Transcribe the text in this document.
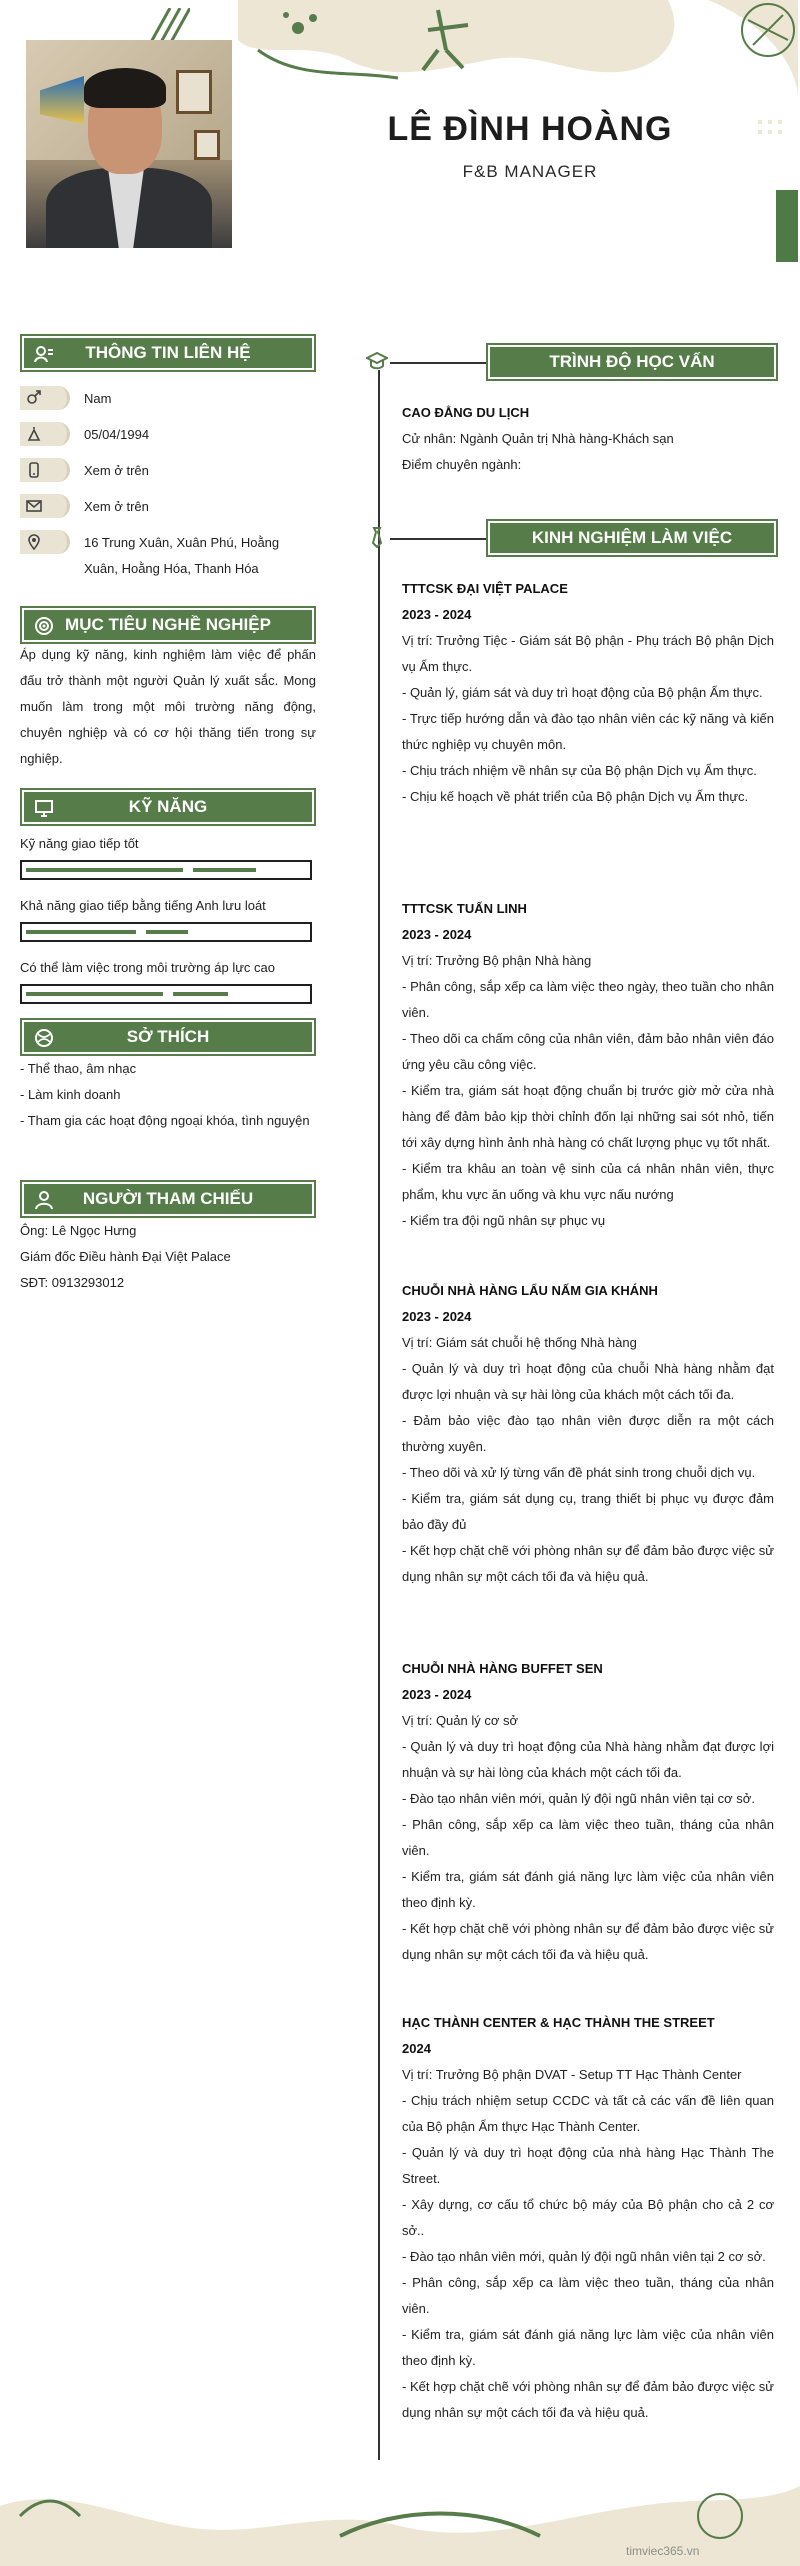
LÊ ĐÌNH HOÀNG
F&B MANAGER
THÔNG TIN LIÊN HỆ
Nam
05/04/1994
Xem ở trên
Xem ở trên
16 Trung Xuân, Xuân Phú, Hoằng Xuân, Hoằng Hóa, Thanh Hóa
MỤC TIÊU NGHỀ NGHIỆP
Áp dụng kỹ năng, kinh nghiệm làm việc để phấn đấu trở thành một người Quản lý xuất sắc. Mong muốn làm trong một môi trường năng động, chuyên nghiệp và có cơ hội thăng tiến trong sự nghiệp.
KỸ NĂNG
Kỹ năng giao tiếp tốt
Khả năng giao tiếp bằng tiếng Anh lưu loát
Có thể làm việc trong môi trường áp lực cao
SỞ THÍCH
- Thể thao, âm nhạc
- Làm kinh doanh
- Tham gia các hoạt động ngoại khóa, tình nguyện
NGƯỜI THAM CHIẾU
Ông: Lê Ngọc Hưng
Giám đốc Điều hành Đại Việt Palace
SĐT: 0913293012
TRÌNH ĐỘ HỌC VẤN
CAO ĐẲNG DU LỊCH
Cử nhân: Ngành Quản trị Nhà hàng-Khách sạn
Điểm chuyên ngành:
KINH NGHIỆM LÀM VIỆC
TTTCSK ĐẠI VIỆT PALACE
2023 - 2024
Vị trí: Trưởng Tiệc - Giám sát Bộ phận - Phụ trách Bộ phận Dịch vụ Ẩm thực.
- Quản lý, giám sát và duy trì hoạt động của Bộ phận Ẩm thực.
- Trực tiếp hướng dẫn và đào tạo nhân viên các kỹ năng và kiến thức nghiệp vụ chuyên môn.
- Chịu trách nhiệm về nhân sự của Bộ phận Dịch vụ Ẩm thực.
- Chịu kế hoạch về phát triển của Bộ phận Dịch vụ Ẩm thực.
TTTCSK TUẤN LINH
2023 - 2024
Vị trí: Trưởng Bộ phận Nhà hàng
- Phân công, sắp xếp ca làm việc theo ngày, theo tuần cho nhân viên.
- Theo dõi ca chấm công của nhân viên, đảm bảo nhân viên đáo ứng yêu cầu công việc.
- Kiểm tra, giám sát hoạt động chuẩn bị trước giờ mở cửa nhà hàng để đảm bảo kịp thời chỉnh đốn lại những sai sót nhỏ, tiến tới xây dựng hình ảnh nhà hàng có chất lượng phục vụ tốt nhất.
- Kiểm tra khâu an toàn vệ sinh của cá nhân nhân viên, thực phẩm, khu vực ăn uống và khu vực nấu nướng
- Kiểm tra đội ngũ nhân sự phục vụ
CHUỖI NHÀ HÀNG LẨU NẤM GIA KHÁNH
2023 - 2024
Vị trí: Giám sát chuỗi hệ thống Nhà hàng
- Quản lý và duy trì hoạt động của chuỗi Nhà hàng nhằm đạt được lợi nhuận và sự hài lòng của khách một cách tối đa.
- Đảm bảo việc đào tạo nhân viên được diễn ra một cách thường xuyên.
- Theo dõi và xử lý từng vấn đề phát sinh trong chuỗi dịch vụ.
- Kiểm tra, giám sát dụng cụ, trang thiết bị phục vụ được đảm bảo đầy đủ
- Kết hợp chặt chẽ với phòng nhân sự để đảm bảo được việc sử dụng nhân sự một cách tối đa và hiệu quả.
CHUỖI NHÀ HÀNG BUFFET SEN
2023 - 2024
Vị trí: Quản lý cơ sở
- Quản lý và duy trì hoạt động của Nhà hàng nhằm đạt được lợi nhuận và sự hài lòng của khách một cách tối đa.
- Đào tạo nhân viên mới, quản lý đội ngũ nhân viên tại cơ sở.
- Phân công, sắp xếp ca làm việc theo tuần, tháng của nhân viên.
- Kiểm tra, giám sát đánh giá năng lực làm việc của nhân viên theo định kỳ.
- Kết hợp chặt chẽ với phòng nhân sự để đảm bảo được việc sử dụng nhân sự một cách tối đa và hiệu quả.
HẠC THÀNH CENTER & HẠC THÀNH THE STREET
2024
Vị trí: Trưởng Bộ phận DVAT - Setup TT Hạc Thành Center
- Chịu trách nhiệm setup CCDC và tất cả các vấn đề liên quan của Bộ phận Ẩm thực Hạc Thành Center.
- Quản lý và duy trì hoạt động của nhà hàng Hạc Thành The Street.
- Xây dựng, cơ cấu tổ chức bộ máy của Bộ phận cho cả 2 cơ sở..
- Đào tạo nhân viên mới, quản lý đội ngũ nhân viên tại 2 cơ sở.
- Phân công, sắp xếp ca làm việc theo tuần, tháng của nhân viên.
- Kiểm tra, giám sát đánh giá năng lực làm việc của nhân viên theo định kỳ.
- Kết hợp chặt chẽ với phòng nhân sự để đảm bảo được việc sử dụng nhân sự một cách tối đa và hiệu quả.
timviec365.vn
